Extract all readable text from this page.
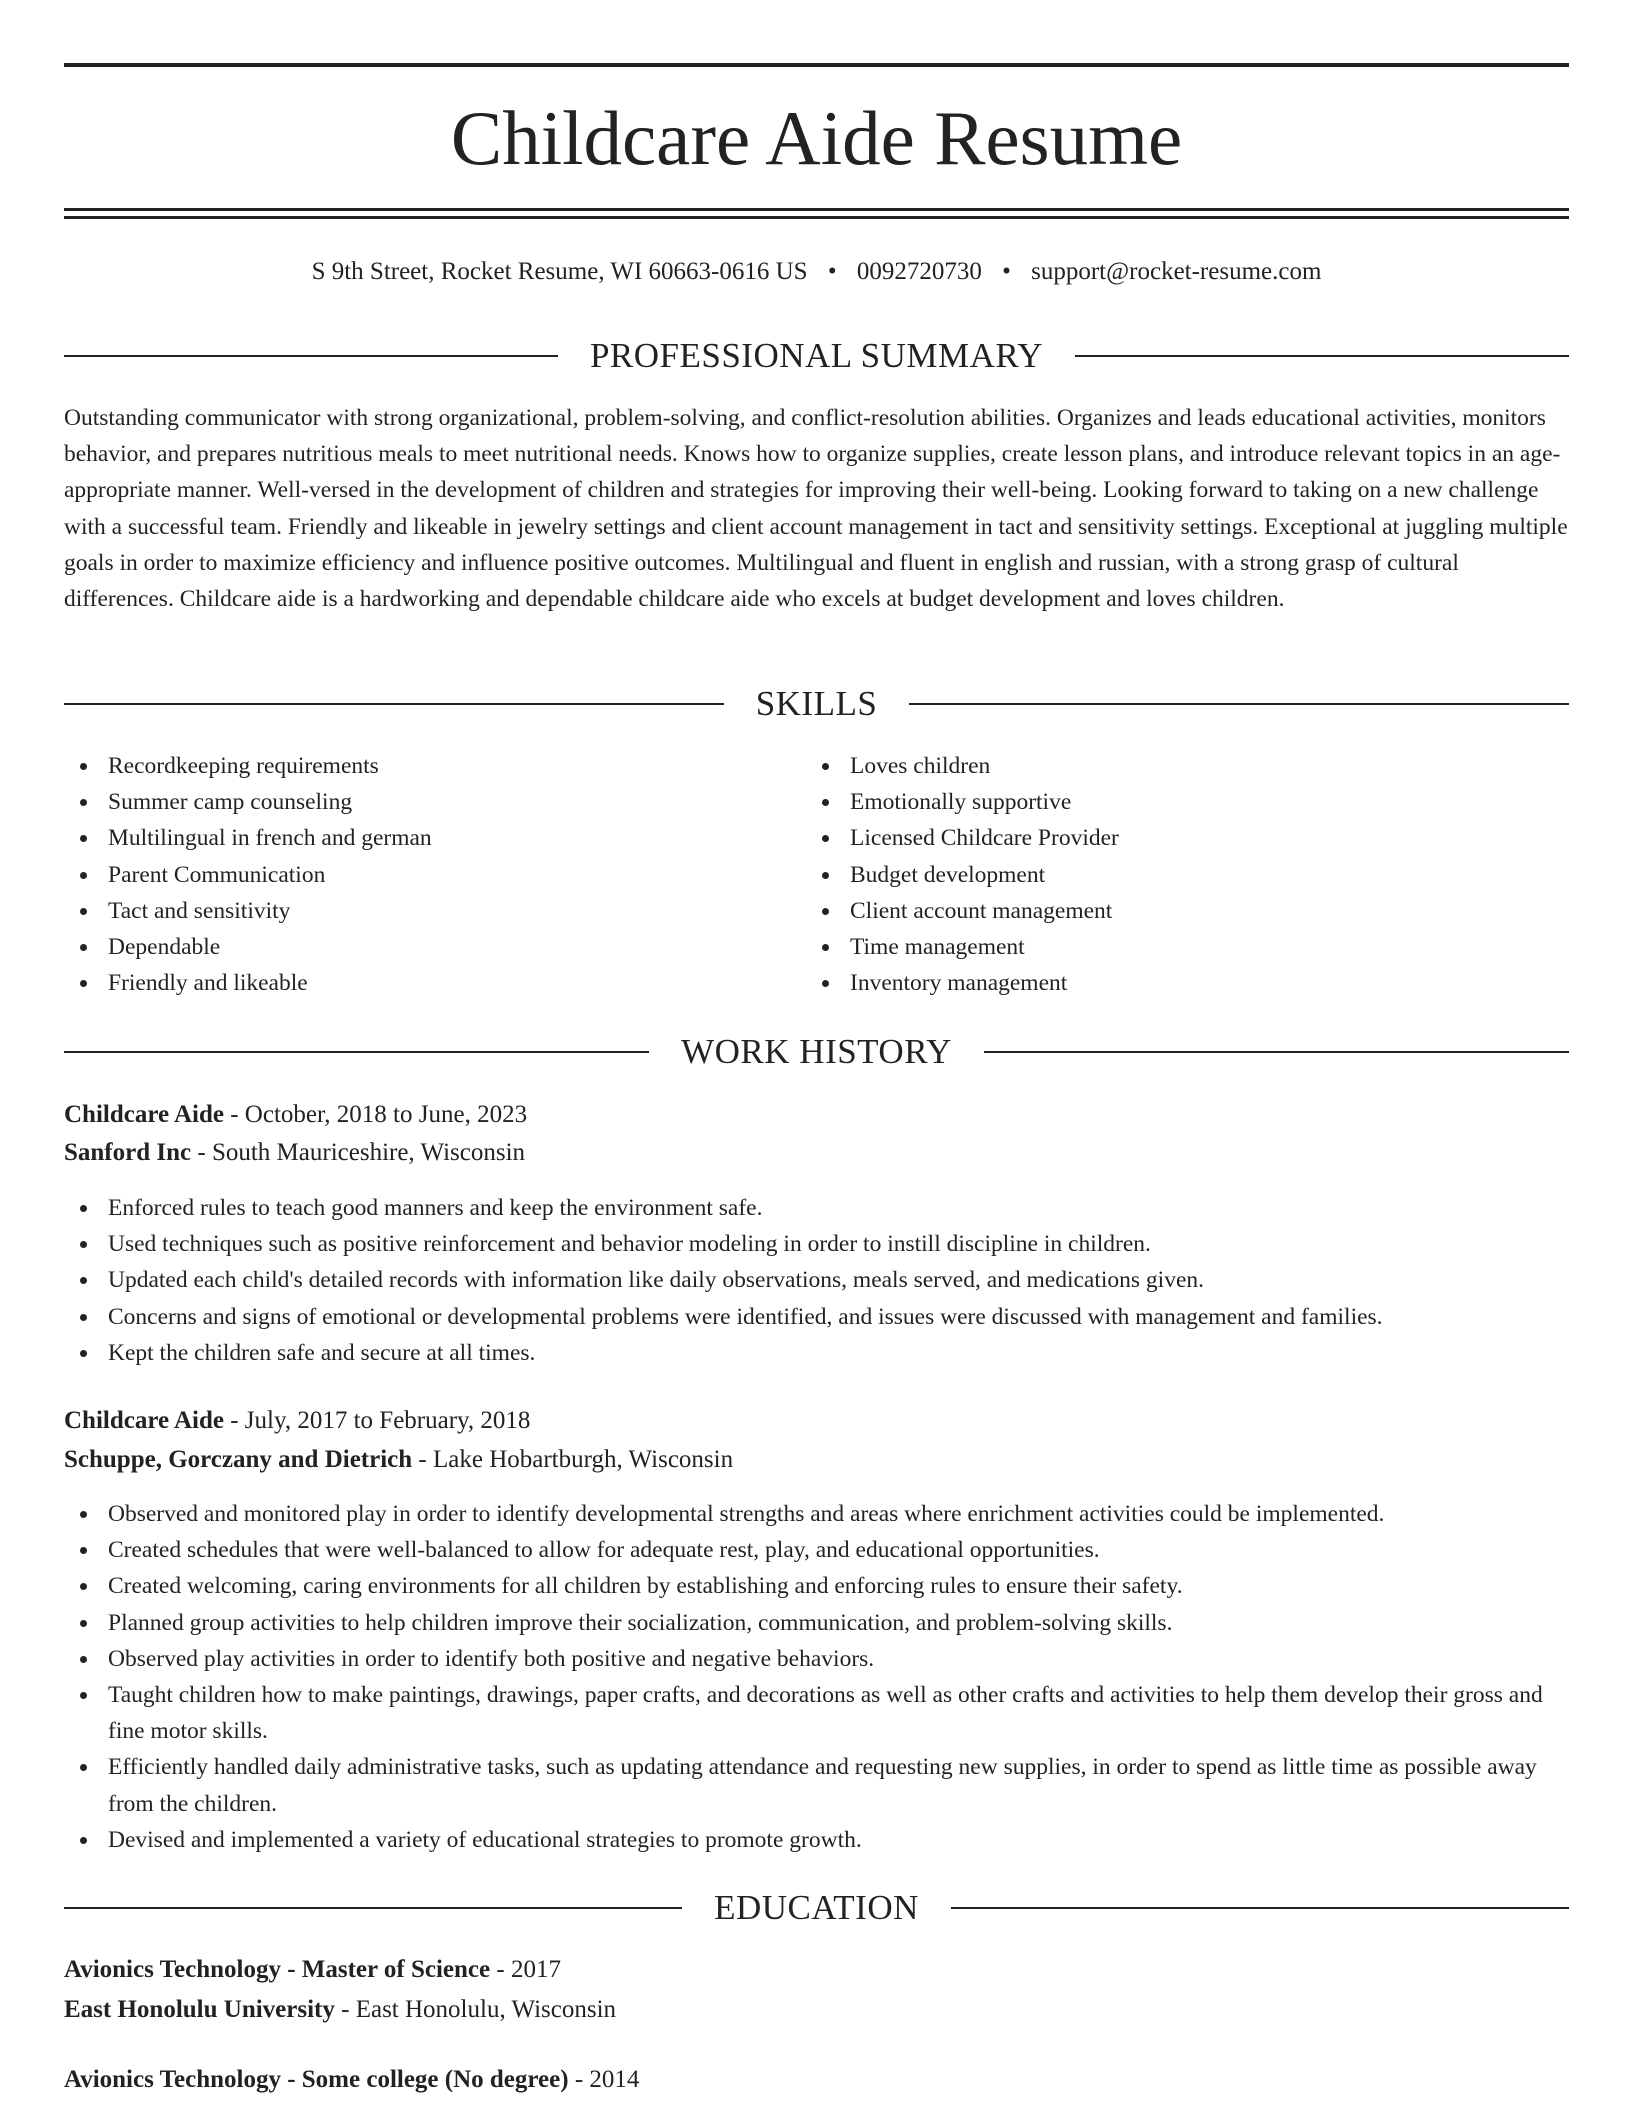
Childcare Aide Resume
S 9th Street, Rocket Resume, WI 60663-0616 US • 0092720730 • support@rocket-resume.com
PROFESSIONAL SUMMARY

Outstanding communicator with strong organizational, problem-solving, and conflict-resolution abilities. Organizes and leads educational activities, monitors behavior, and prepares nutritious meals to meet nutritional needs. Knows how to organize supplies, create lesson plans, and introduce relevant topics in an age-appropriate manner. Well-versed in the development of children and strategies for improving their well-being. Looking forward to taking on a new challenge with a successful team. Friendly and likeable in jewelry settings and client account management in tact and sensitivity settings. Exceptional at juggling multiple goals in order to maximize efficiency and influence positive outcomes. Multilingual and fluent in english and russian, with a strong grasp of cultural differences. Childcare aide is a hardworking and dependable childcare aide who excels at budget development and loves children.

SKILLS
Recordkeeping requirements
Summer camp counseling
Multilingual in french and german
Parent Communication
Tact and sensitivity
Dependable
Friendly and likeable
Loves children
Emotionally supportive
Licensed Childcare Provider
Budget development
Client account management
Time management
Inventory management
WORK HISTORY
Childcare Aide - October, 2018 to June, 2023
Sanford Inc - South Mauriceshire, Wisconsin
Enforced rules to teach good manners and keep the environment safe.
Used techniques such as positive reinforcement and behavior modeling in order to instill discipline in children.
Updated each child's detailed records with information like daily observations, meals served, and medications given.
Concerns and signs of emotional or developmental problems were identified, and issues were discussed with management and families.
Kept the children safe and secure at all times.
Childcare Aide - July, 2017 to February, 2018
Schuppe, Gorczany and Dietrich - Lake Hobartburgh, Wisconsin
Observed and monitored play in order to identify developmental strengths and areas where enrichment activities could be implemented.
Created schedules that were well-balanced to allow for adequate rest, play, and educational opportunities.
Created welcoming, caring environments for all children by establishing and enforcing rules to ensure their safety.
Planned group activities to help children improve their socialization, communication, and problem-solving skills.
Observed play activities in order to identify both positive and negative behaviors.
Taught children how to make paintings, drawings, paper crafts, and decorations as well as other crafts and activities to help them develop their gross and fine motor skills.
Efficiently handled daily administrative tasks, such as updating attendance and requesting new supplies, in order to spend as little time as possible away from the children.
Devised and implemented a variety of educational strategies to promote growth.
EDUCATION
Avionics Technology - Master of Science - 2017
East Honolulu University - East Honolulu, Wisconsin
Avionics Technology - Some college (No degree) - 2014
